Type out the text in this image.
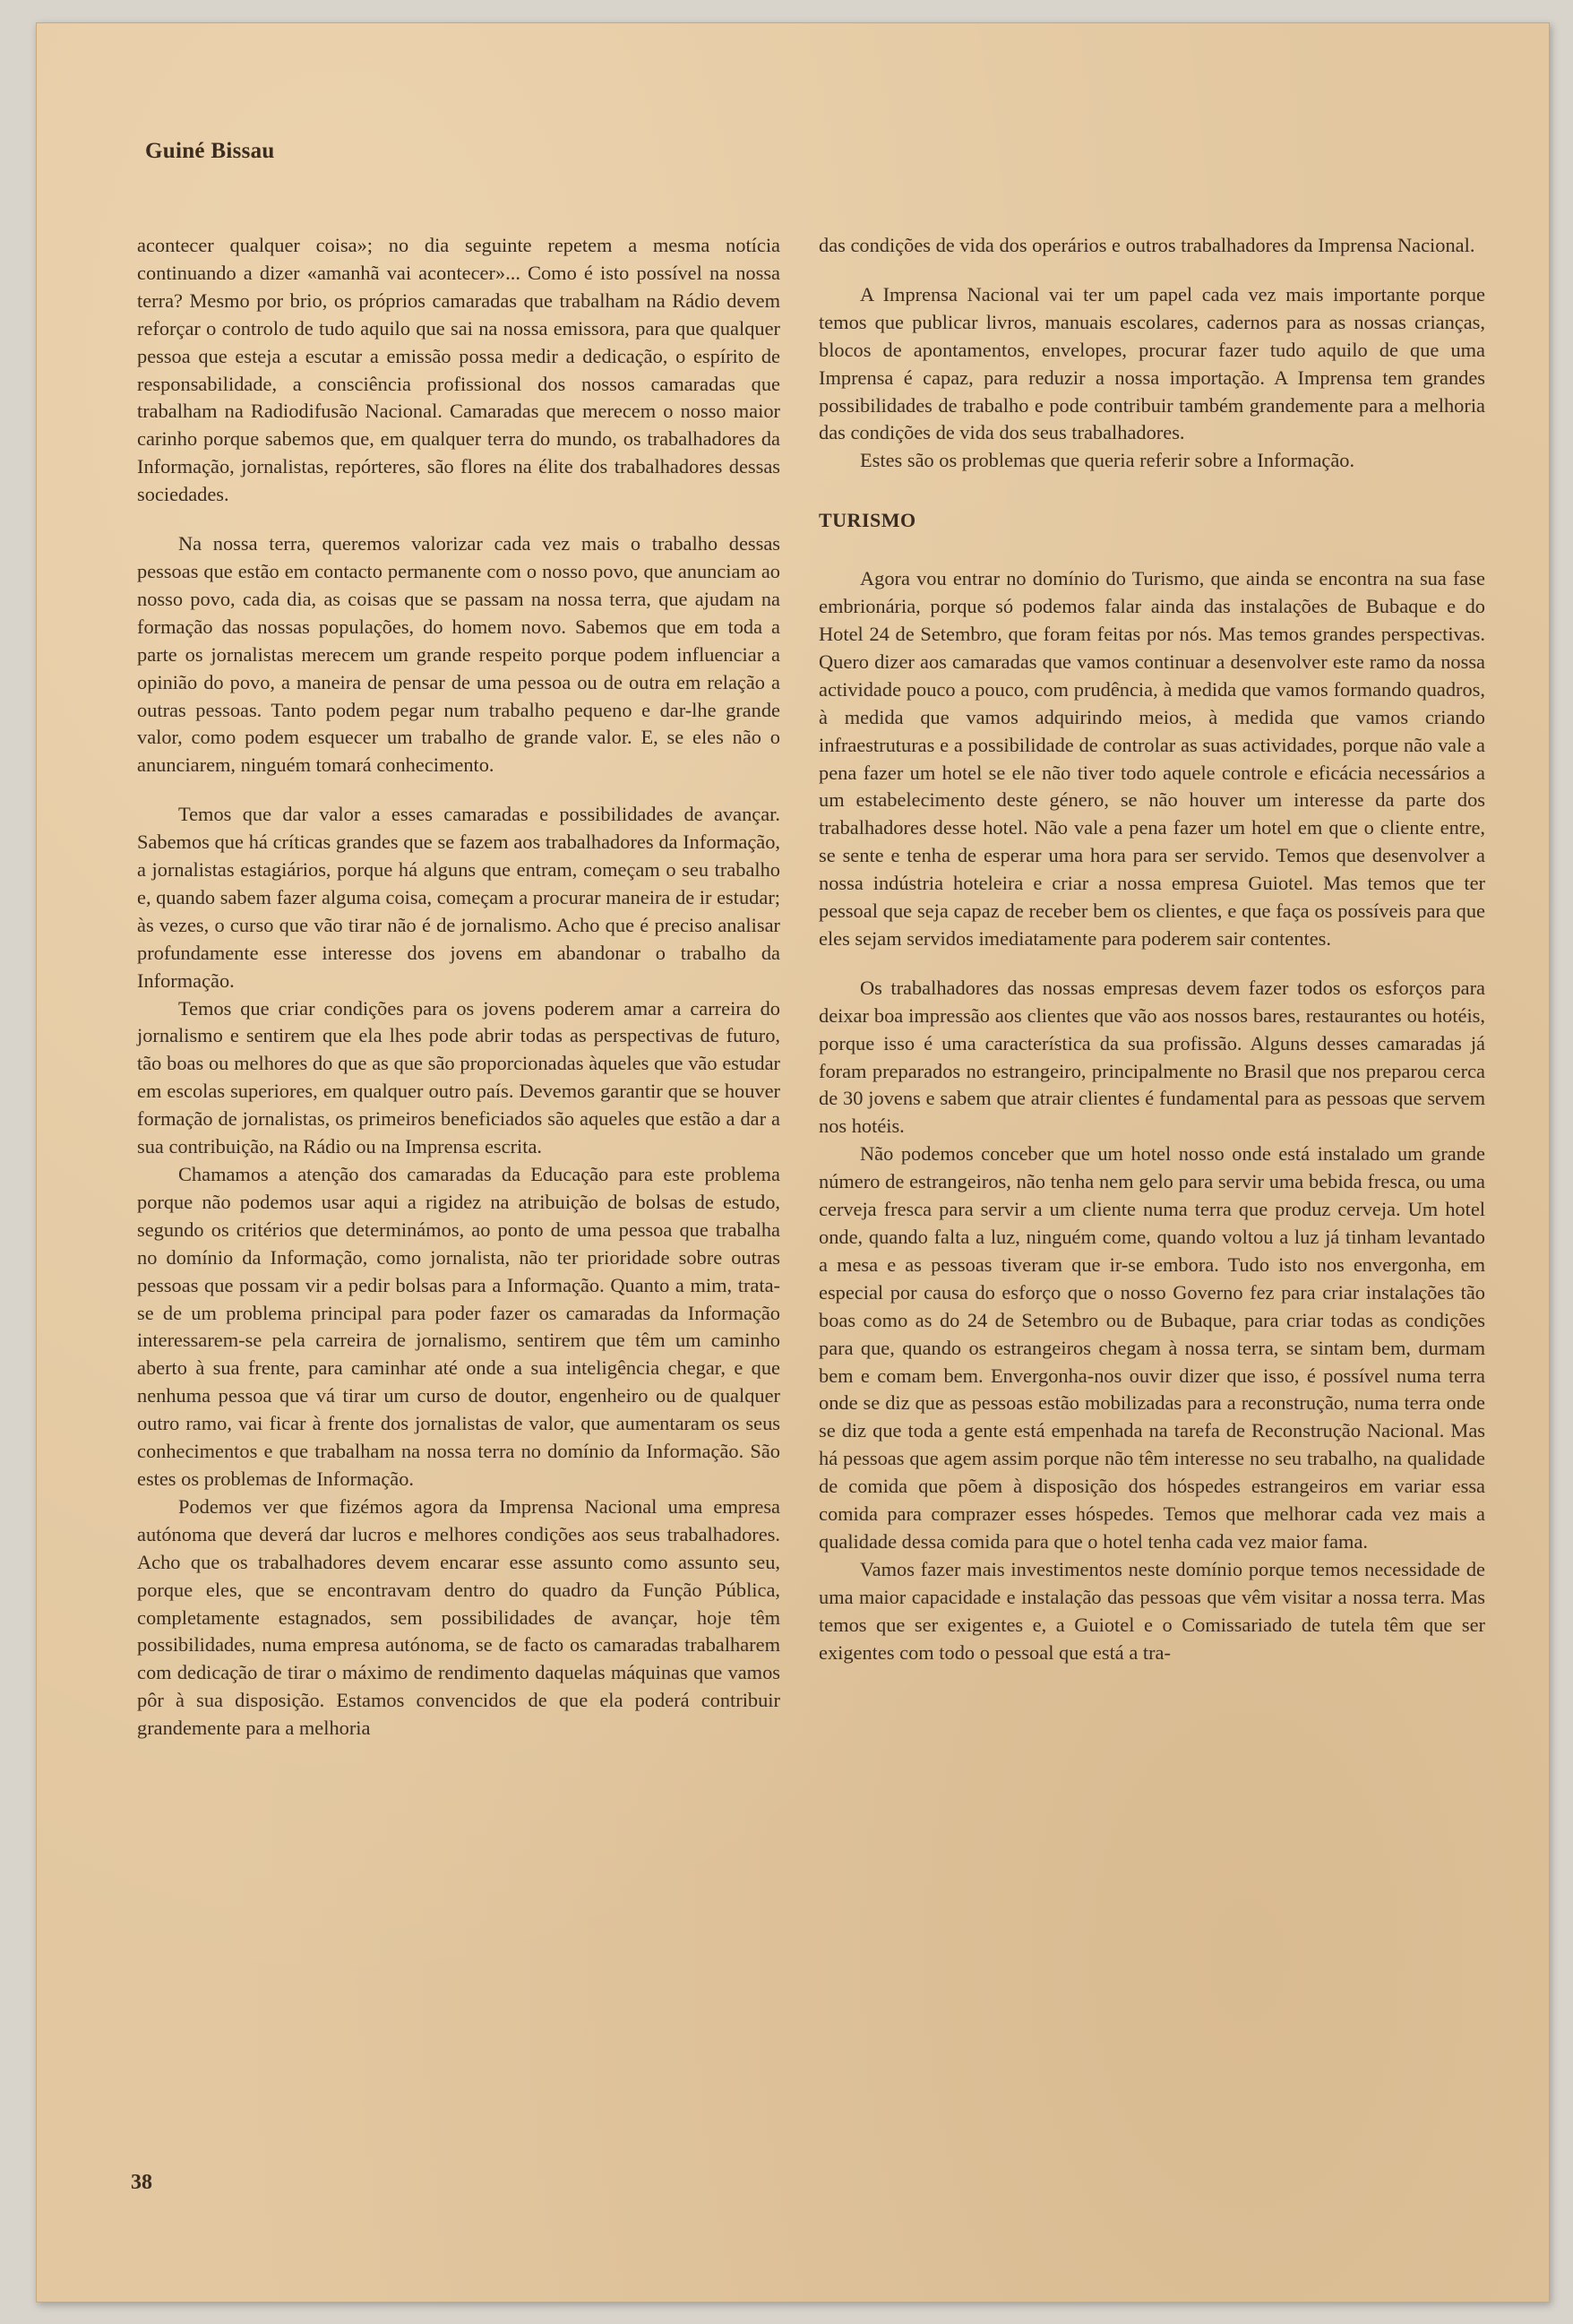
Guiné Bissau

acontecer qualquer coisa»; no dia seguinte repetem a mesma notícia continuando a dizer «amanhã vai acontecer»... Como é isto possível na nossa terra? Mesmo por brio, os próprios camaradas que trabalham na Rádio devem reforçar o controlo de tudo aquilo que sai na nossa emissora, para que qualquer pessoa que esteja a escutar a emissão possa medir a dedicação, o espírito de responsabilidade, a consciência profissional dos nossos camaradas que trabalham na Radiodifusão Nacional. Camaradas que merecem o nosso maior carinho porque sabemos que, em qualquer terra do mundo, os trabalhadores da Informação, jornalistas, repórteres, são flores na élite dos trabalhadores dessas sociedades.

Na nossa terra, queremos valorizar cada vez mais o trabalho dessas pessoas que estão em contacto permanente com o nosso povo, que anunciam ao nosso povo, cada dia, as coisas que se passam na nossa terra, que ajudam na formação das nossas populações, do homem novo. Sabemos que em toda a parte os jornalistas merecem um grande respeito porque podem influenciar a opinião do povo, a maneira de pensar de uma pessoa ou de outra em relação a outras pessoas. Tanto podem pegar num trabalho pequeno e dar-lhe grande valor, como podem esquecer um trabalho de grande valor. E, se eles não o anunciarem, ninguém tomará conhecimento.

Temos que dar valor a esses camaradas e possibilidades de avançar. Sabemos que há críticas grandes que se fazem aos trabalhadores da Informação, a jornalistas estagiários, porque há alguns que entram, começam o seu trabalho e, quando sabem fazer alguma coisa, começam a procurar maneira de ir estudar; às vezes, o curso que vão tirar não é de jornalismo. Acho que é preciso analisar profundamente esse interesse dos jovens em abandonar o trabalho da Informação.

Temos que criar condições para os jovens poderem amar a carreira do jornalismo e sentirem que ela lhes pode abrir todas as perspectivas de futuro, tão boas ou melhores do que as que são proporcionadas àqueles que vão estudar em escolas superiores, em qualquer outro país. Devemos garantir que se houver formação de jornalistas, os primeiros beneficiados são aqueles que estão a dar a sua contribuição, na Rádio ou na Imprensa escrita.

Chamamos a atenção dos camaradas da Educação para este problema porque não podemos usar aqui a rigidez na atribuição de bolsas de estudo, segundo os critérios que determinámos, ao ponto de uma pessoa que trabalha no domínio da Informação, como jornalista, não ter prioridade sobre outras pessoas que possam vir a pedir bolsas para a Informação. Quanto a mim, trata-se de um problema principal para poder fazer os camaradas da Informação interessarem-se pela carreira de jornalismo, sentirem que têm um caminho aberto à sua frente, para caminhar até onde a sua inteligência chegar, e que nenhuma pessoa que vá tirar um curso de doutor, engenheiro ou de qualquer outro ramo, vai ficar à frente dos jornalistas de valor, que aumentaram os seus conhecimentos e que trabalham na nossa terra no domínio da Informação. São estes os problemas de Informação.

Podemos ver que fizémos agora da Imprensa Nacional uma empresa autónoma que deverá dar lucros e melhores condições aos seus trabalhadores. Acho que os trabalhadores devem encarar esse assunto como assunto seu, porque eles, que se encontravam dentro do quadro da Função Pública, completamente estagnados, sem possibilidades de avançar, hoje têm possibilidades, numa empresa autónoma, se de facto os camaradas trabalharem com dedicação de tirar o máximo de rendimento daquelas máquinas que vamos pôr à sua disposição. Estamos convencidos de que ela poderá contribuir grandemente para a melhoria

das condições de vida dos operários e outros trabalhadores da Imprensa Nacional.

A Imprensa Nacional vai ter um papel cada vez mais importante porque temos que publicar livros, manuais escolares, cadernos para as nossas crianças, blocos de apontamentos, envelopes, procurar fazer tudo aquilo de que uma Imprensa é capaz, para reduzir a nossa importação. A Imprensa tem grandes possibilidades de trabalho e pode contribuir também grandemente para a melhoria das condições de vida dos seus trabalhadores.

Estes são os problemas que queria referir sobre a Informação.

TURISMO

Agora vou entrar no domínio do Turismo, que ainda se encontra na sua fase embrionária, porque só podemos falar ainda das instalações de Bubaque e do Hotel 24 de Setembro, que foram feitas por nós. Mas temos grandes perspectivas. Quero dizer aos camaradas que vamos continuar a desenvolver este ramo da nossa actividade pouco a pouco, com prudência, à medida que vamos formando quadros, à medida que vamos adquirindo meios, à medida que vamos criando infraestruturas e a possibilidade de controlar as suas actividades, porque não vale a pena fazer um hotel se ele não tiver todo aquele controle e eficácia necessários a um estabelecimento deste género, se não houver um interesse da parte dos trabalhadores desse hotel. Não vale a pena fazer um hotel em que o cliente entre, se sente e tenha de esperar uma hora para ser servido. Temos que desenvolver a nossa indústria hoteleira e criar a nossa empresa Guiotel. Mas temos que ter pessoal que seja capaz de receber bem os clientes, e que faça os possíveis para que eles sejam servidos imediatamente para poderem sair contentes.

Os trabalhadores das nossas empresas devem fazer todos os esforços para deixar boa impressão aos clientes que vão aos nossos bares, restaurantes ou hotéis, porque isso é uma característica da sua profissão. Alguns desses camaradas já foram preparados no estrangeiro, principalmente no Brasil que nos preparou cerca de 30 jovens e sabem que atrair clientes é fundamental para as pessoas que servem nos hotéis.

Não podemos conceber que um hotel nosso onde está instalado um grande número de estrangeiros, não tenha nem gelo para servir uma bebida fresca, ou uma cerveja fresca para servir a um cliente numa terra que produz cerveja. Um hotel onde, quando falta a luz, ninguém come, quando voltou a luz já tinham levantado a mesa e as pessoas tiveram que ir-se embora. Tudo isto nos envergonha, em especial por causa do esforço que o nosso Governo fez para criar instalações tão boas como as do 24 de Setembro ou de Bubaque, para criar todas as condições para que, quando os estrangeiros chegam à nossa terra, se sintam bem, durmam bem e comam bem. Envergonha-nos ouvir dizer que isso, é possível numa terra onde se diz que as pessoas estão mobilizadas para a reconstrução, numa terra onde se diz que toda a gente está empenhada na tarefa de Reconstrução Nacional. Mas há pessoas que agem assim porque não têm interesse no seu trabalho, na qualidade de comida que põem à disposição dos hóspedes estrangeiros em variar essa comida para comprazer esses hóspedes. Temos que melhorar cada vez mais a qualidade dessa comida para que o hotel tenha cada vez maior fama.

Vamos fazer mais investimentos neste domínio porque temos necessidade de uma maior capacidade e instalação das pessoas que vêm visitar a nossa terra. Mas temos que ser exigentes e, a Guiotel e o Comissariado de tutela têm que ser exigentes com todo o pessoal que está a tra-

38
